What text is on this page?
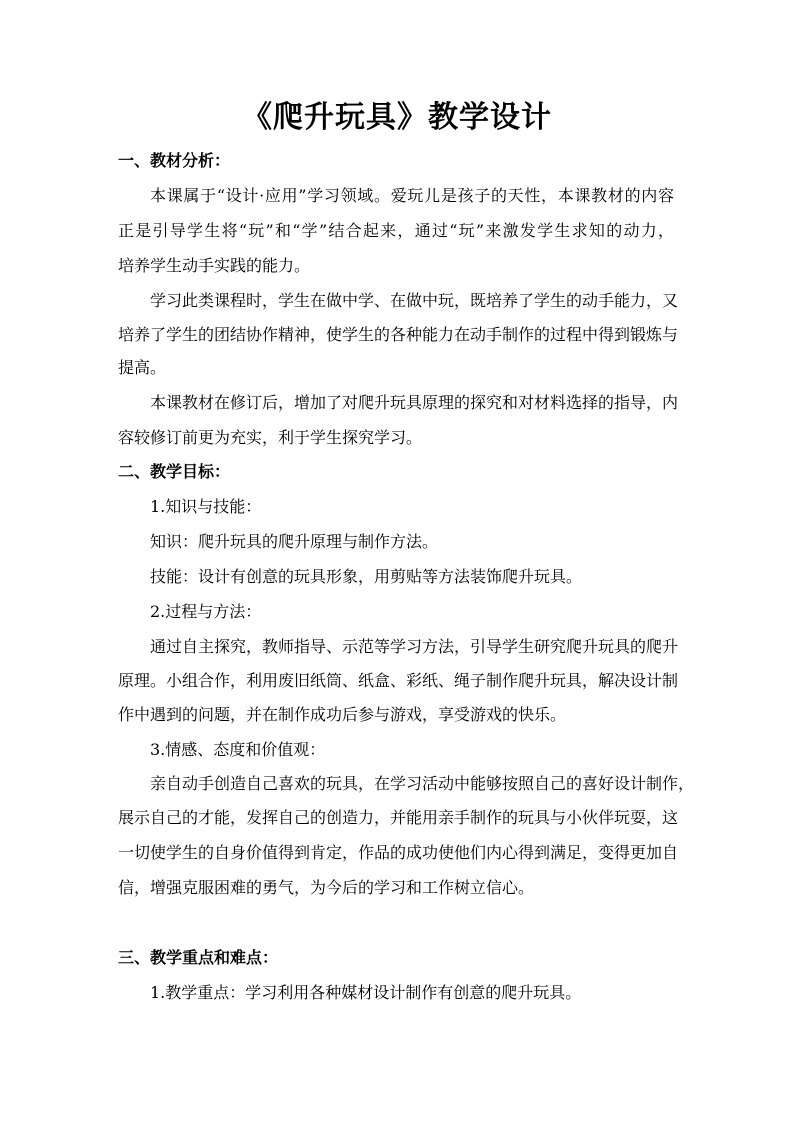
《爬升玩具》教学设计
一、教材分析：
本课属于“设计·应用”学习领域。爱玩儿是孩子的天性，本课教材的内容
正是引导学生将“玩”和“学”结合起来，通过“玩”来激发学生求知的动力，
培养学生动手实践的能力。
学习此类课程时，学生在做中学、在做中玩，既培养了学生的动手能力，又
培养了学生的团结协作精神，使学生的各种能力在动手制作的过程中得到锻炼与
提高。
本课教材在修订后，增加了对爬升玩具原理的探究和对材料选择的指导，内
容较修订前更为充实，利于学生探究学习。
二、教学目标：
1.知识与技能：
知识：爬升玩具的爬升原理与制作方法。
技能：设计有创意的玩具形象，用剪贴等方法装饰爬升玩具。
2.过程与方法：
通过自主探究，教师指导、示范等学习方法，引导学生研究爬升玩具的爬升
原理。小组合作，利用废旧纸筒、纸盒、彩纸、绳子制作爬升玩具，解决设计制
作中遇到的问题，并在制作成功后参与游戏，享受游戏的快乐。
3.情感、态度和价值观：
亲自动手创造自己喜欢的玩具，在学习活动中能够按照自己的喜好设计制作，
展示自己的才能，发挥自己的创造力，并能用亲手制作的玩具与小伙伴玩耍，这
一切使学生的自身价值得到肯定，作品的成功使他们内心得到满足，变得更加自
信，增强克服困难的勇气，为今后的学习和工作树立信心。
三、教学重点和难点：
1.教学重点：学习利用各种媒材设计制作有创意的爬升玩具。
